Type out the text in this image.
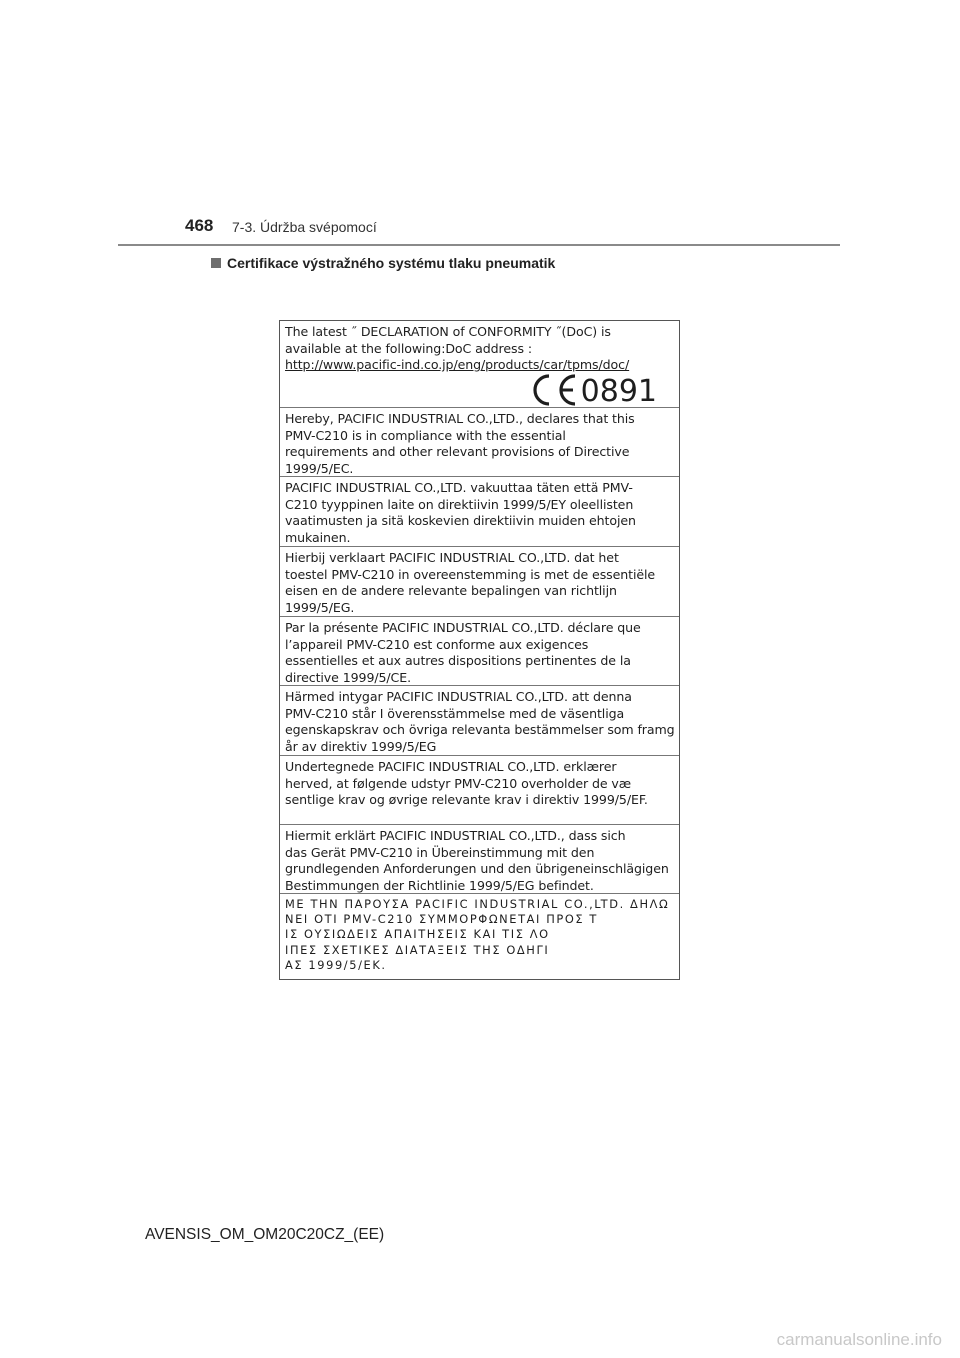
468 7-3. Údržba svépomocí
Certifikace výstražného systému tlaku pneumatik
The latest ˝ DECLARATION of CONFORMITY ˝(DoC) is
available at the following:DoC address :
http://www.pacific-ind.co.jp/eng/products/car/tpms/doc/
0891
Hereby, PACIFIC INDUSTRIAL CO.,LTD., declares that this
PMV-C210 is in compliance with the essential
requirements and other relevant provisions of Directive
1999/5/EC.
PACIFIC INDUSTRIAL CO.,LTD. vakuuttaa täten että PMV-
C210 tyyppinen laite on direktiivin 1999/5/EY oleellisten
vaatimusten ja sitä koskevien direktiivin muiden ehtojen
mukainen.
Hierbij verklaart PACIFIC INDUSTRIAL CO.,LTD. dat het
toestel PMV-C210 in overeenstemming is met de essentiële
eisen en de andere relevante bepalingen van richtlijn
1999/5/EG.
Par la présente PACIFIC INDUSTRIAL CO.,LTD. déclare que
l’appareil PMV-C210 est conforme aux exigences
essentielles et aux autres dispositions pertinentes de la
directive 1999/5/CE.
Härmed intygar PACIFIC INDUSTRIAL CO.,LTD. att denna
PMV-C210 står I överensstämmelse med de väsentliga
egenskapskrav och övriga relevanta bestämmelser som framg
år av direktiv 1999/5/EG
Undertegnede PACIFIC INDUSTRIAL CO.,LTD. erklærer
herved, at følgende udstyr PMV-C210 overholder de væ
sentlige krav og øvrige relevante krav i direktiv 1999/5/EF.
Hiermit erklärt PACIFIC INDUSTRIAL CO.,LTD., dass sich
das Gerät PMV-C210 in Übereinstimmung mit den
grundlegenden Anforderungen und den übrigeneinschlägigen
Bestimmungen der Richtlinie 1999/5/EG befindet.
ΜΕ ΤΗΝ ΠΑΡΟΥΣΑ PACIFIC INDUSTRIAL CO.,LTD. ΔΗΛΩ
ΝΕΙ ΟΤΙ PMV-C210 ΣΥΜΜΟΡΦΩΝΕΤΑΙ ΠΡΟΣ Τ
ΙΣ ΟΥΣΙΩΔΕΙΣ ΑΠΑΙΤΗΣΕΙΣ ΚΑΙ ΤΙΣ ΛΟ
ΙΠΕΣ ΣΧΕΤΙΚΕΣ ΔΙΑΤΑΞΕΙΣ ΤΗΣ ΟΔΗΓΙ
ΑΣ 1999/5/ΕΚ.
AVENSIS_OM_OM20C20CZ_(EE)
carmanualsonline.info
